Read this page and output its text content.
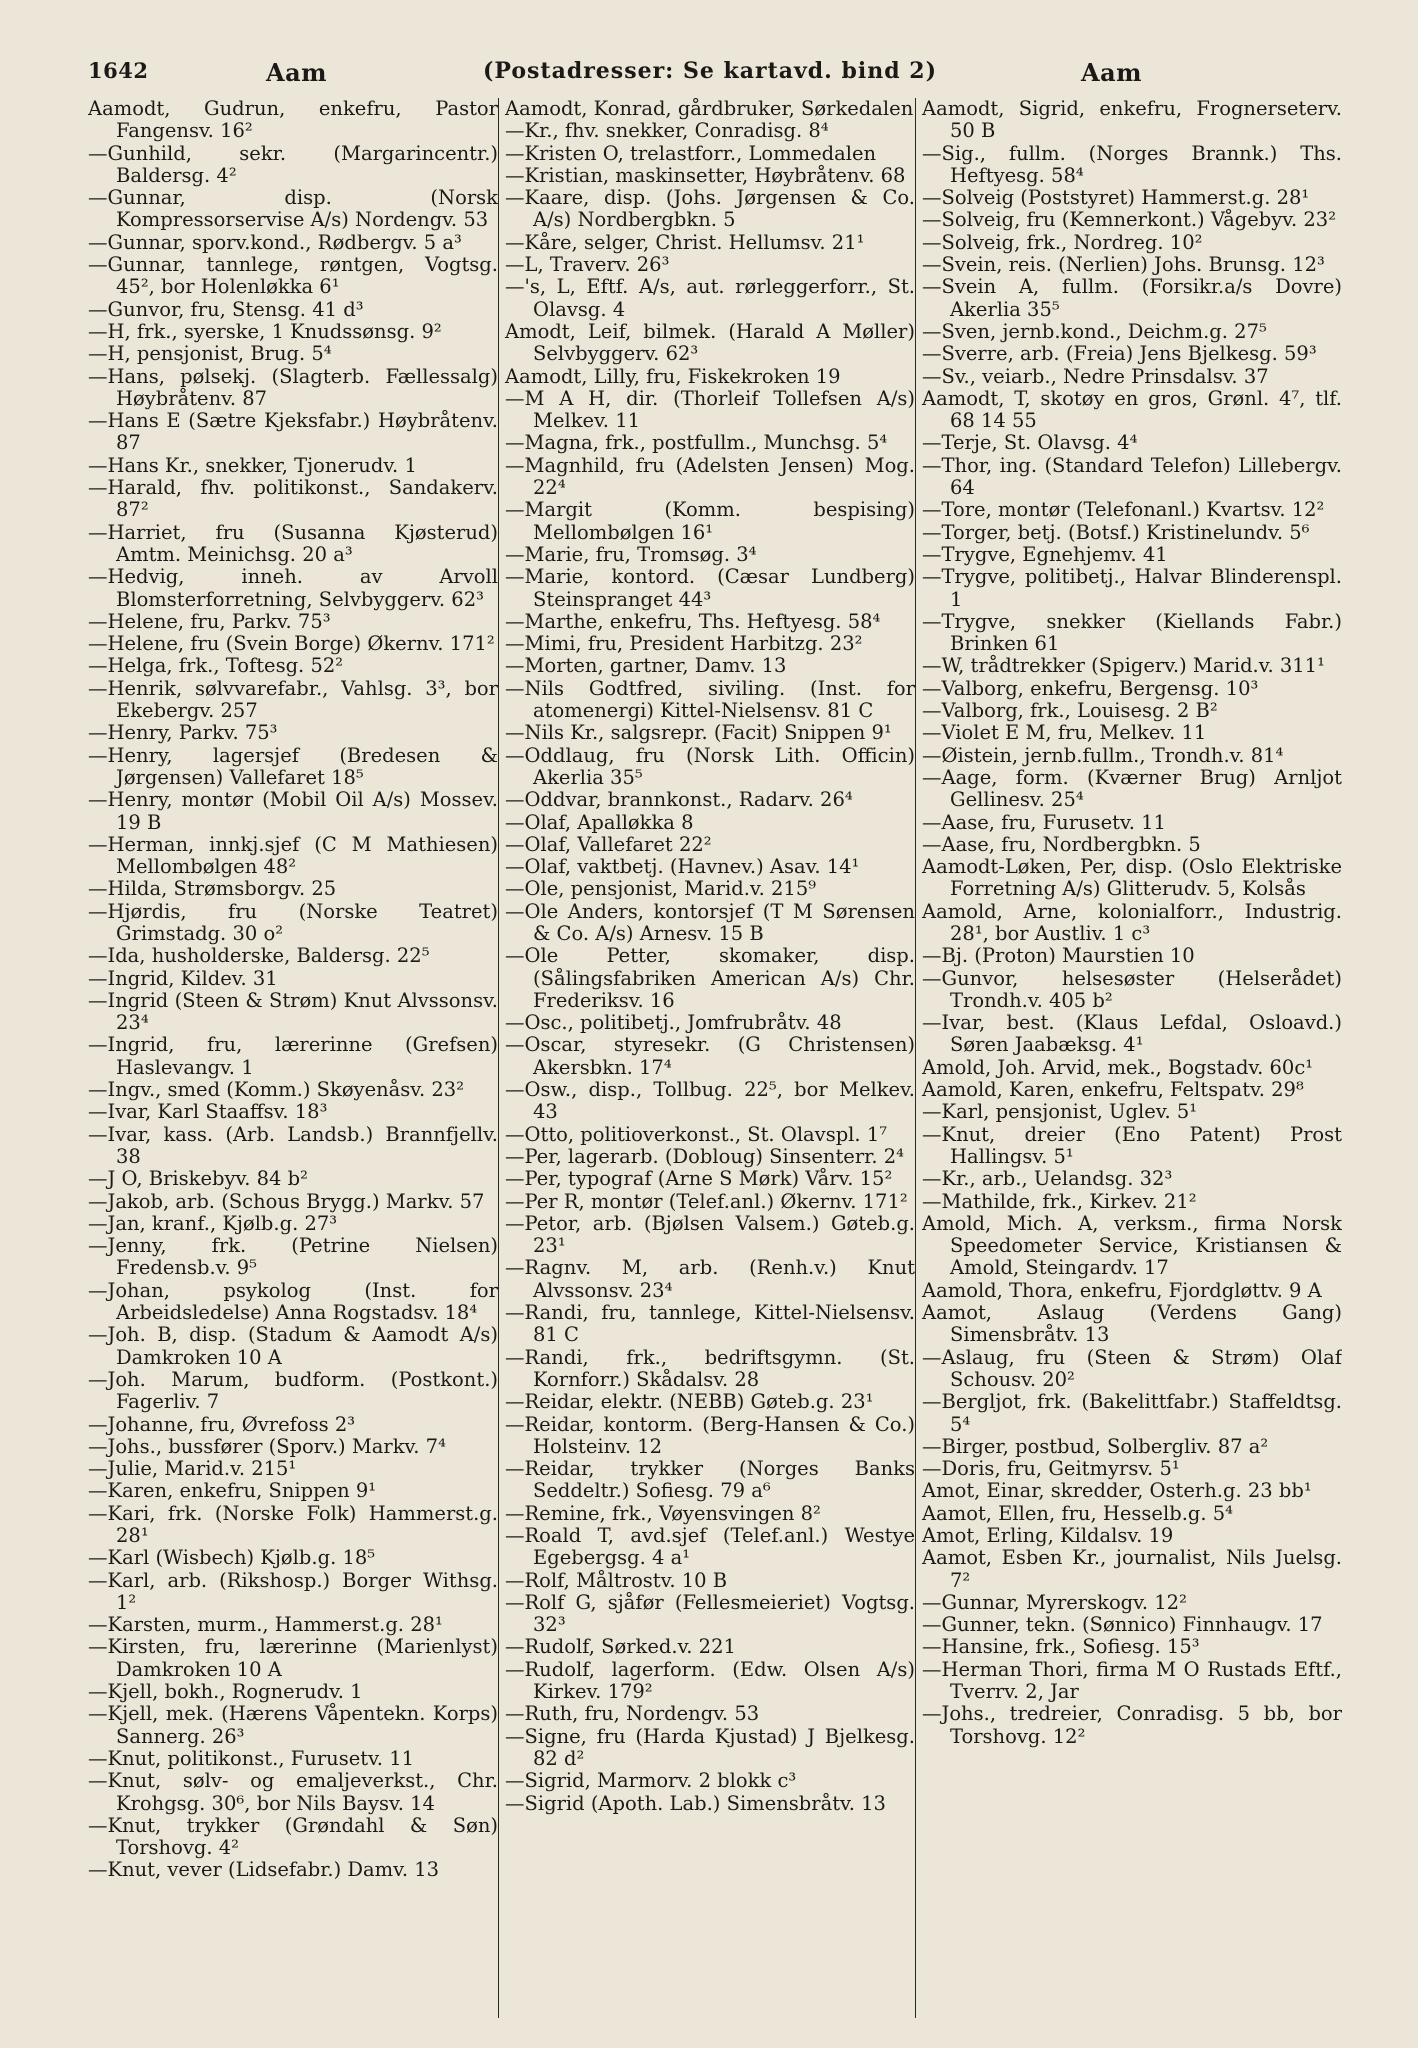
1642	Aam	(Postadresser: Se kartavd. bind 2)	Aam
Aamodt, Gudrun, enkefru, Pastor Fangensv. 16²
—Gunhild, sekr. (Margarincentr.) Baldersg. 4²
—Gunnar, disp. (Norsk Kompressorservise A/s) Nordengv. 53
—Gunnar, sporv.kond., Rødbergv. 5 a³
—Gunnar, tannlege, røntgen, Vogtsg. 45², bor Holenløkka 6¹
—Gunvor, fru, Stensg. 41 d³
—H, frk., syerske, 1 Knudssønsg. 9²
—H, pensjonist, Brug. 5⁴
—Hans, pølsekj. (Slagterb. Fællessalg) Høybråtenv. 87
—Hans E (Sætre Kjeksfabr.) Høybråtenv. 87
—Hans Kr., snekker, Tjonerudv. 1
—Harald, fhv. politikonst., Sandakerv. 87²
—Harriet, fru (Susanna Kjøsterud) Amtm. Meinichsg. 20 a³
—Hedvig, inneh. av Arvoll Blomsterforretning, Selvbyggerv. 62³
—Helene, fru, Parkv. 75³
—Helene, fru (Svein Borge) Økernv. 171²
—Helga, frk., Toftesg. 52²
—Henrik, sølvvarefabr., Vahlsg. 3³, bor Ekebergv. 257
—Henry, Parkv. 75³
—Henry, lagersjef (Bredesen & Jørgensen) Vallefaret 18⁵
—Henry, montør (Mobil Oil A/s) Mossev. 19 B
—Herman, innkj.sjef (C M Mathiesen) Mellombølgen 48²
—Hilda, Strømsborgv. 25
—Hjørdis, fru (Norske Teatret) Grimstadg. 30 o²
—Ida, husholderske, Baldersg. 22⁵
—Ingrid, Kildev. 31
—Ingrid (Steen & Strøm) Knut Alvssonsv. 23⁴
—Ingrid, fru, lærerinne (Grefsen) Haslevangv. 1
—Ingv., smed (Komm.) Skøyenåsv. 23²
—Ivar, Karl Staaffsv. 18³
—Ivar, kass. (Arb. Landsb.) Brannfjellv. 38
—J O, Briskebyv. 84 b²
—Jakob, arb. (Schous Brygg.) Markv. 57
—Jan, kranf., Kjølb.g. 27³
—Jenny, frk. (Petrine Nielsen) Fredensb.v. 9⁵
—Johan, psykolog (Inst. for Arbeidsledelse) Anna Rogstadsv. 18⁴
—Joh. B, disp. (Stadum & Aamodt A/s) Damkroken 10 A
—Joh. Marum, budform. (Postkont.) Fagerliv. 7
—Johanne, fru, Øvrefoss 2³
—Johs., bussfører (Sporv.) Markv. 7⁴
—Julie, Marid.v. 215¹
—Karen, enkefru, Snippen 9¹
—Kari, frk. (Norske Folk) Hammerst.g. 28¹
—Karl (Wisbech) Kjølb.g. 18⁵
—Karl, arb. (Rikshosp.) Borger Withsg. 1²
—Karsten, murm., Hammerst.g. 28¹
—Kirsten, fru, lærerinne (Marienlyst) Damkroken 10 A
—Kjell, bokh., Rognerudv. 1
—Kjell, mek. (Hærens Våpentekn. Korps) Sannerg. 26³
—Knut, politikonst., Furusetv. 11
—Knut, sølv- og emaljeverkst., Chr. Krohgsg. 30⁶, bor Nils Baysv. 14
—Knut, trykker (Grøndahl & Søn) Torshovg. 4²
—Knut, vever (Lidsefabr.) Damv. 13
Aamodt, Konrad, gårdbruker, Sørkedalen
—Kr., fhv. snekker, Conradisg. 8⁴
—Kristen O, trelastforr., Lommedalen
—Kristian, maskinsetter, Høybråtenv. 68
—Kaare, disp. (Johs. Jørgensen & Co. A/s) Nordbergbkn. 5
—Kåre, selger, Christ. Hellumsv. 21¹
—L, Traverv. 26³
—'s, L, Eftf. A/s, aut. rørleggerforr., St. Olavsg. 4
Amodt, Leif, bilmek. (Harald A Møller) Selvbyggerv. 62³
Aamodt, Lilly, fru, Fiskekroken 19
—M A H, dir. (Thorleif Tollefsen A/s) Melkev. 11
—Magna, frk., postfullm., Munchsg. 5⁴
—Magnhild, fru (Adelsten Jensen) Mog. 22⁴
—Margit (Komm. bespising) Mellombølgen 16¹
—Marie, fru, Tromsøg. 3⁴
—Marie, kontord. (Cæsar Lundberg) Steinspranget 44³
—Marthe, enkefru, Ths. Heftyesg. 58⁴
—Mimi, fru, President Harbitzg. 23²
—Morten, gartner, Damv. 13
—Nils Godtfred, siviling. (Inst. for atomenergi) Kittel-Nielsensv. 81 C
—Nils Kr., salgsrepr. (Facit) Snippen 9¹
—Oddlaug, fru (Norsk Lith. Officin) Akerlia 35⁵
—Oddvar, brannkonst., Radarv. 26⁴
—Olaf, Apalløkka 8
—Olaf, Vallefaret 22²
—Olaf, vaktbetj. (Havnev.) Asav. 14¹
—Ole, pensjonist, Marid.v. 215⁹
—Ole Anders, kontorsjef (T M Sørensen & Co. A/s) Arnesv. 15 B
—Ole Petter, skomaker, disp. (Sålingsfabriken American A/s) Chr. Frederiksv. 16
—Osc., politibetj., Jomfrubråtv. 48
—Oscar, styresekr. (G Christensen) Akersbkn. 17⁴
—Osw., disp., Tollbug. 22⁵, bor Melkev. 43
—Otto, politioverkonst., St. Olavspl. 1⁷
—Per, lagerarb. (Dobloug) Sinsenterr. 2⁴
—Per, typograf (Arne S Mørk) Vårv. 15²
—Per R, montør (Telef.anl.) Økernv. 171²
—Petor, arb. (Bjølsen Valsem.) Gøteb.g. 23¹
—Ragnv. M, arb. (Renh.v.) Knut Alvssonsv. 23⁴
—Randi, fru, tannlege, Kittel-Nielsensv. 81 C
—Randi, frk., bedriftsgymn. (St. Kornforr.) Skådalsv. 28
—Reidar, elektr. (NEBB) Gøteb.g. 23¹
—Reidar, kontorm. (Berg-Hansen & Co.) Holsteinv. 12
—Reidar, trykker (Norges Banks Seddeltr.) Sofiesg. 79 a⁶
—Remine, frk., Vøyensvingen 8²
—Roald T, avd.sjef (Telef.anl.) Westye Egebergsg. 4 a¹
—Rolf, Måltrostv. 10 B
—Rolf G, sjåfør (Fellesmeieriet) Vogtsg. 32³
—Rudolf, Sørked.v. 221
—Rudolf, lagerform. (Edw. Olsen A/s) Kirkev. 179²
—Ruth, fru, Nordengv. 53
—Signe, fru (Harda Kjustad) J Bjelkesg. 82 d²
—Sigrid, Marmorv. 2 blokk c³
—Sigrid (Apoth. Lab.) Simensbråtv. 13
Aamodt, Sigrid, enkefru, Frognerseterv. 50 B
—Sig., fullm. (Norges Brannk.) Ths. Heftyesg. 58⁴
—Solveig (Poststyret) Hammerst.g. 28¹
—Solveig, fru (Kemnerkont.) Vågebyv. 23²
—Solveig, frk., Nordreg. 10²
—Svein, reis. (Nerlien) Johs. Brunsg. 12³
—Svein A, fullm. (Forsikr.a/s Dovre) Akerlia 35⁵
—Sven, jernb.kond., Deichm.g. 27⁵
—Sverre, arb. (Freia) Jens Bjelkesg. 59³
—Sv., veiarb., Nedre Prinsdalsv. 37
Aamodt, T, skotøy en gros, Grønl. 4⁷, tlf. 68 14 55
—Terje, St. Olavsg. 4⁴
—Thor, ing. (Standard Telefon) Lillebergv. 64
—Tore, montør (Telefonanl.) Kvartsv. 12²
—Torger, betj. (Botsf.) Kristinelundv. 5⁶
—Trygve, Egnehjemv. 41
—Trygve, politibetj., Halvar Blinderenspl. 1
—Trygve, snekker (Kiellands Fabr.) Brinken 61
—W, trådtrekker (Spigerv.) Marid.v. 311¹
—Valborg, enkefru, Bergensg. 10³
—Valborg, frk., Louisesg. 2 B²
—Violet E M, fru, Melkev. 11
—Øistein, jernb.fullm., Trondh.v. 81⁴
—Aage, form. (Kværner Brug) Arnljot Gellinesv. 25⁴
—Aase, fru, Furusetv. 11
—Aase, fru, Nordbergbkn. 5
Aamodt-Løken, Per, disp. (Oslo Elektriske Forretning A/s) Glitterudv. 5, Kolsås
Aamold, Arne, kolonialforr., Industrig. 28¹, bor Austliv. 1 c³
—Bj. (Proton) Maurstien 10
—Gunvor, helsesøster (Helserådet) Trondh.v. 405 b²
—Ivar, best. (Klaus Lefdal, Osloavd.) Søren Jaabæksg. 4¹
Amold, Joh. Arvid, mek., Bogstadv. 60c¹
Aamold, Karen, enkefru, Feltspatv. 29⁸
—Karl, pensjonist, Uglev. 5¹
—Knut, dreier (Eno Patent) Prost Hallingsv. 5¹
—Kr., arb., Uelandsg. 32³
—Mathilde, frk., Kirkev. 21²
Amold, Mich. A, verksm., firma Norsk Speedometer Service, Kristiansen & Amold, Steingardv. 17
Aamold, Thora, enkefru, Fjordgløttv. 9 A
Aamot, Aslaug (Verdens Gang) Simensbråtv. 13
—Aslaug, fru (Steen & Strøm) Olaf Schousv. 20²
—Bergljot, frk. (Bakelittfabr.) Staffeldtsg. 5⁴
—Birger, postbud, Solbergliv. 87 a²
—Doris, fru, Geitmyrsv. 5¹
Amot, Einar, skredder, Osterh.g. 23 bb¹
Aamot, Ellen, fru, Hesselb.g. 5⁴
Amot, Erling, Kildalsv. 19
Aamot, Esben Kr., journalist, Nils Juelsg. 7²
—Gunnar, Myrerskogv. 12²
—Gunner, tekn. (Sønnico) Finnhaugv. 17
—Hansine, frk., Sofiesg. 15³
—Herman Thori, firma M O Rustads Eftf., Tverrv. 2, Jar
—Johs., tredreier, Conradisg. 5 bb, bor Torshovg. 12²
